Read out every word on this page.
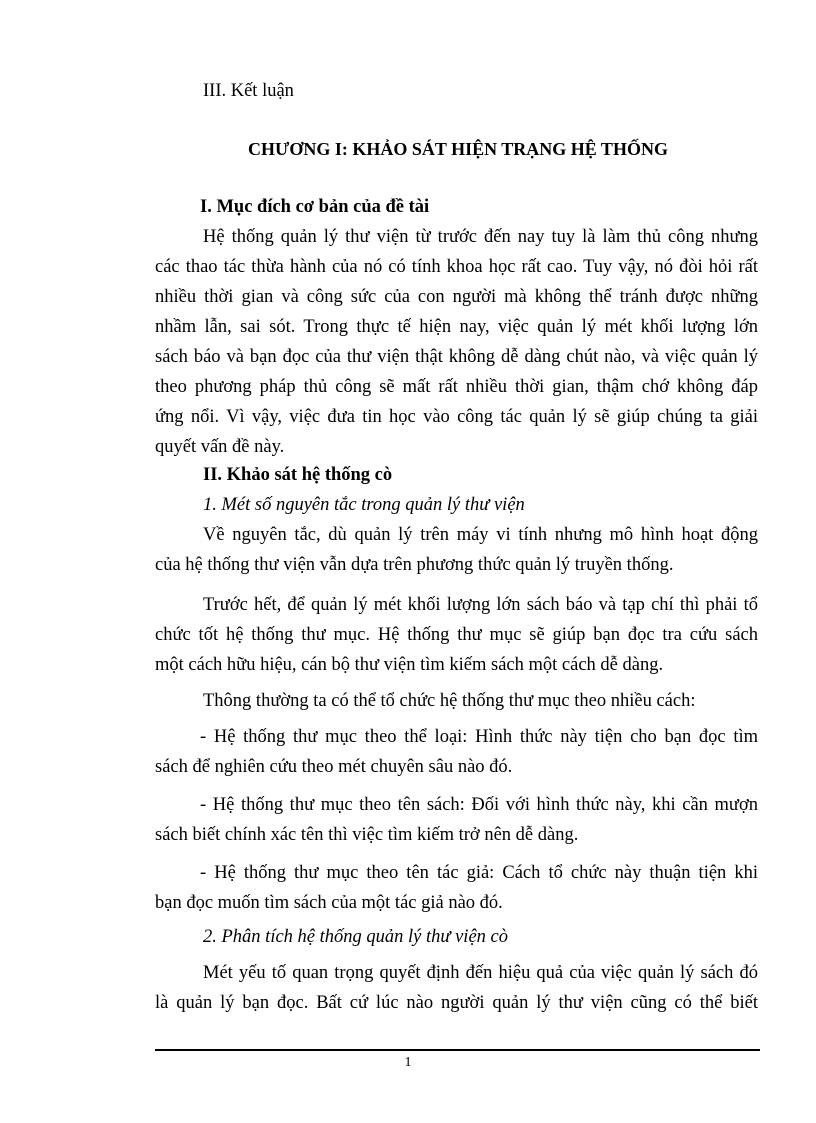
III. Kết luận
CHƯƠNG I: KHẢO SÁT HIỆN TRẠNG HỆ THỐNG
I. Mục đích cơ bản của đề tài
Hệ thống quản lý thư viện từ trước đến nay tuy là làm thủ công nhưng
các thao tác thừa hành của nó có tính khoa học rất cao. Tuy vậy, nó đòi hỏi rất
nhiều thời gian và công sức của con người mà không thể tránh được những
nhầm lẫn, sai sót. Trong thực tế hiện nay, việc quản lý mét khối lượng lớn
sách báo và bạn đọc của thư viện thật không dễ dàng chút nào, và việc quản lý
theo phương pháp thủ công sẽ mất rất nhiều thời gian, thậm chớ không đáp
ứng nổi. Vì vậy, việc đưa tin học vào công tác quản lý sẽ giúp chúng ta giải
quyết vấn đề này.
II. Khảo sát hệ thống cò
1. Mét số nguyên tắc trong quản lý thư viện
Về nguyên tắc, dù quản lý trên máy vi tính nhưng mô hình hoạt động
của hệ thống thư viện vẫn dựa trên phương thức quản lý truyền thống.
Trước hết, để quản lý mét khối lượng lớn sách báo và tạp chí thì phải tổ
chức tốt hệ thống thư mục. Hệ thống thư mục sẽ giúp bạn đọc tra cứu sách
một cách hữu hiệu, cán bộ thư viện tìm kiếm sách một cách dễ dàng.
Thông thường ta có thể tổ chức hệ thống thư mục theo nhiều cách:
- Hệ thống thư mục theo thể loại: Hình thức này tiện cho bạn đọc tìm
sách để nghiên cứu theo mét chuyên sâu nào đó.
- Hệ thống thư mục theo tên sách: Đối với hình thức này, khi cần mượn
sách biết chính xác tên thì việc tìm kiếm trở nên dễ dàng.
- Hệ thống thư mục theo tên tác giả: Cách tổ chức này thuận tiện khi
bạn đọc muốn tìm sách của một tác giả nào đó.
2. Phân tích hệ thống quản lý thư viện cò
Mét yếu tố quan trọng quyết định đến hiệu quả của việc quản lý sách đó
là quản lý bạn đọc. Bất cứ lúc nào người quản lý thư viện cũng có thể biết
1
